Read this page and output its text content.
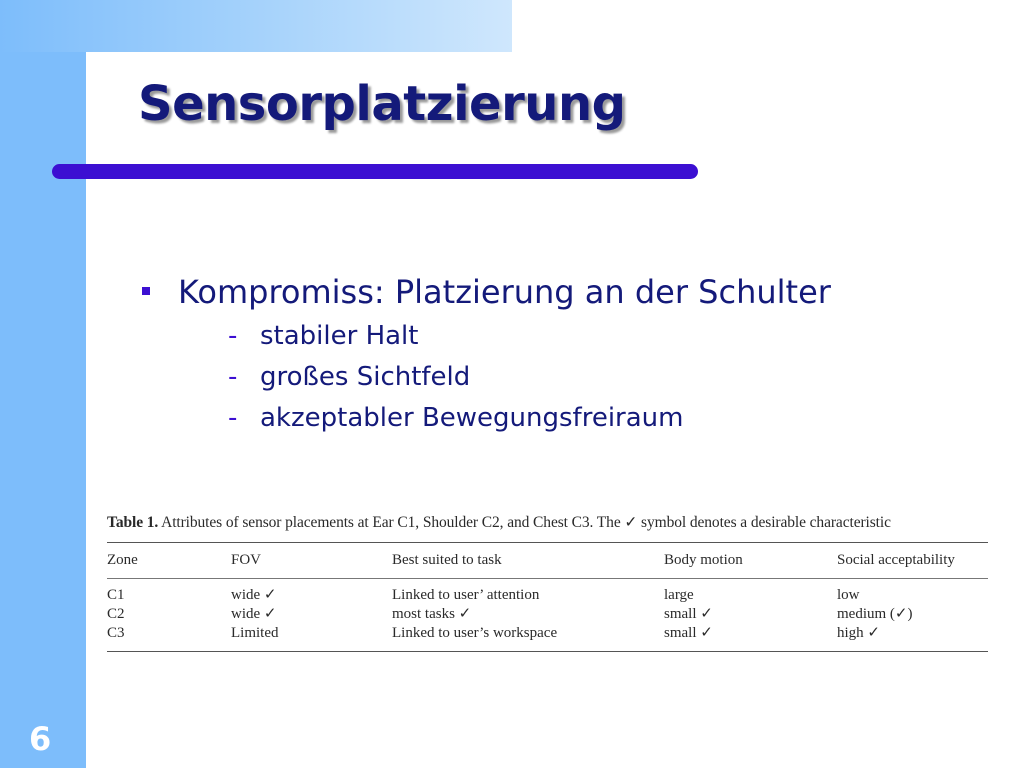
Sensorplatzierung
Kompromiss: Platzierung an der Schulter
- stabiler Halt
- großes Sichtfeld
- akzeptabler Bewegungsfreiraum
Table 1. Attributes of sensor placements at Ear C1, Shoulder C2, and Chest C3. The ✓ symbol denotes a desirable characteristic
Zone	FOV	Best suited to task	Body motion	Social acceptability
C1	wide ✓	Linked to user’ attention	large	low
C2	wide ✓	most tasks ✓	small ✓	medium (✓)
C3	Limited	Linked to user’s workspace	small ✓	high ✓
6
